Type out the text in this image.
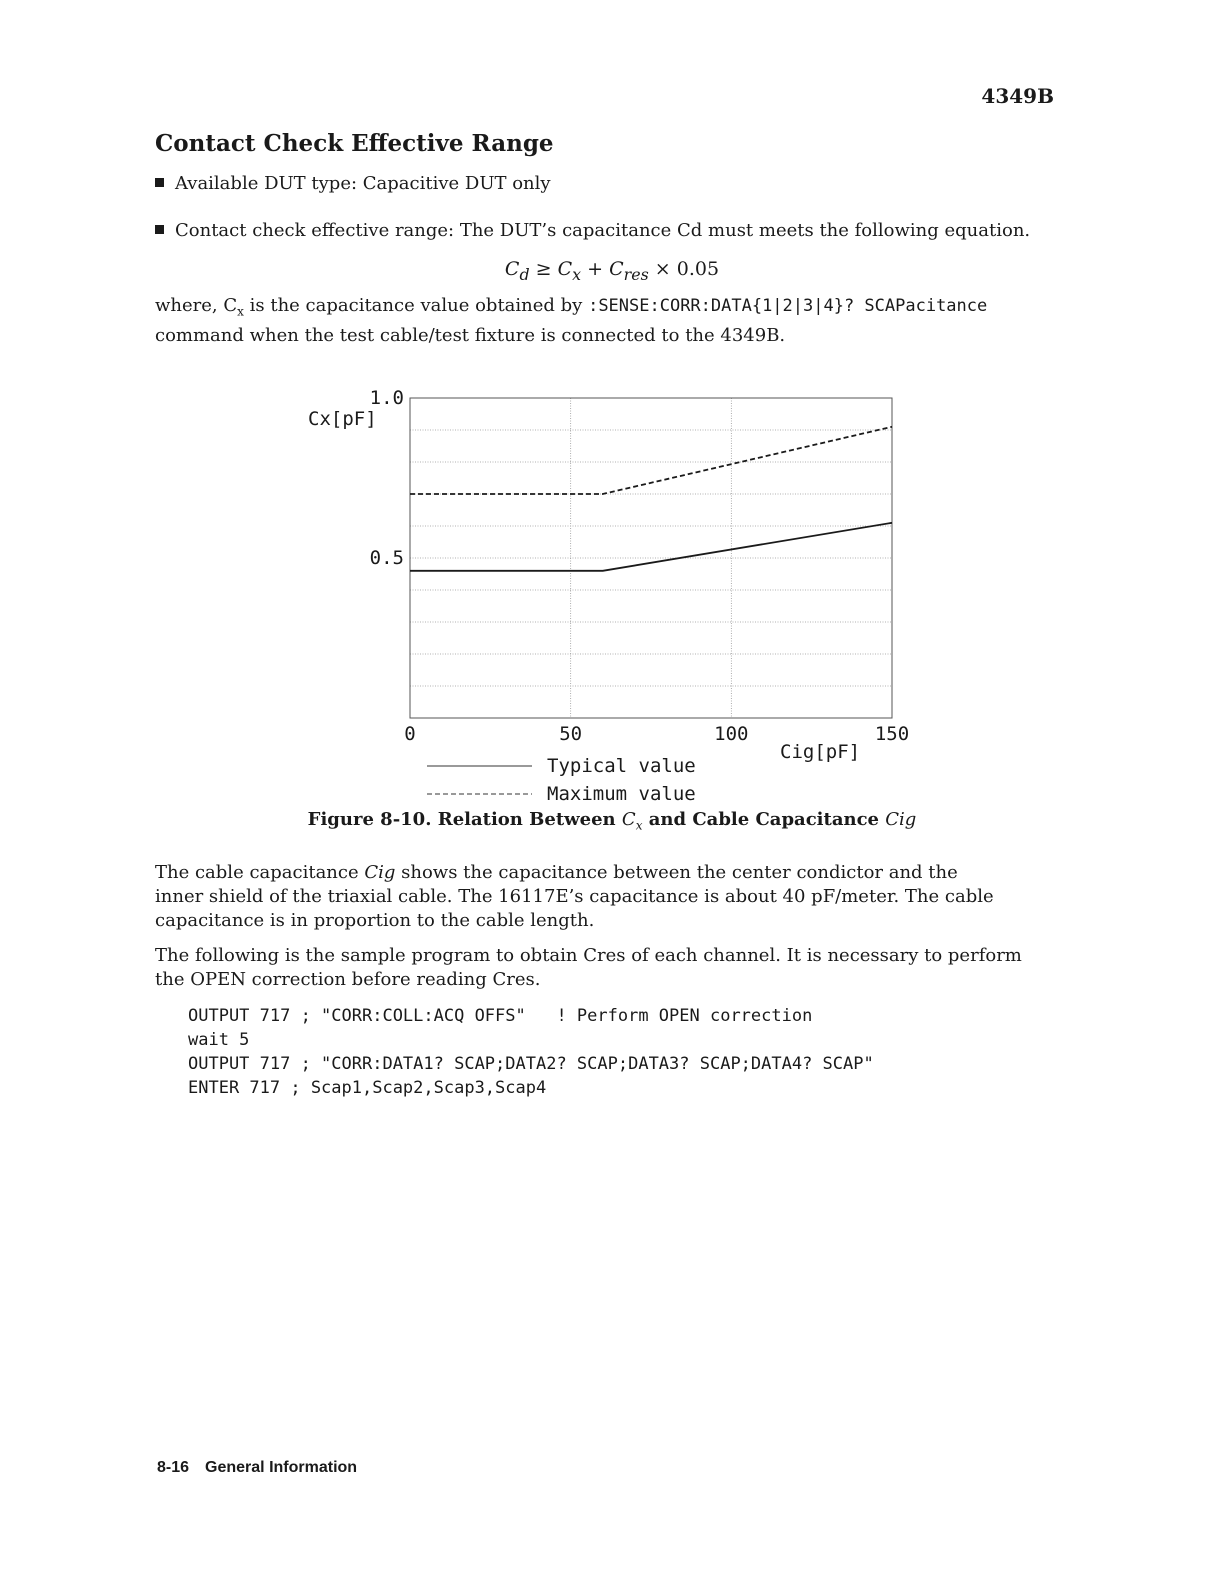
4349B
Contact Check Effective Range
Available DUT type: Capacitive DUT only
Contact check effective range: The DUT’s capacitance Cd must meets the following equation.
$C_d \ge C_x + C_{res} \times 0.05$
where, $C_x$ is the capacitance value obtained by :SENSE:CORR:DATA{1|2|3|4}? SCAPacitance
command when the test cable/test fixture is connected to the 4349B.
0	50	100	150
0.5
1.0
Cx[pF]
Cig[pF]
Typical value
Maximum value
Figure 8-10. Relation Between $C_x$ and Cable Capacitance Cig
The cable capacitance Cig shows the capacitance between the center condictor and the
inner shield of the triaxial cable. The 16117E’s capacitance is about 40 pF/meter. The cable
capacitance is in proportion to the cable length.
The following is the sample program to obtain Cres of each channel. It is necessary to perform
the OPEN correction before reading Cres.
OUTPUT 717 ; "CORR:COLL:ACQ OFFS"   ! Perform OPEN correction
wait 5
OUTPUT 717 ; "CORR:DATA1? SCAP;DATA2? SCAP;DATA3? SCAP;DATA4? SCAP"
ENTER 717 ; Scap1,Scap2,Scap3,Scap4
8-16 General Information
